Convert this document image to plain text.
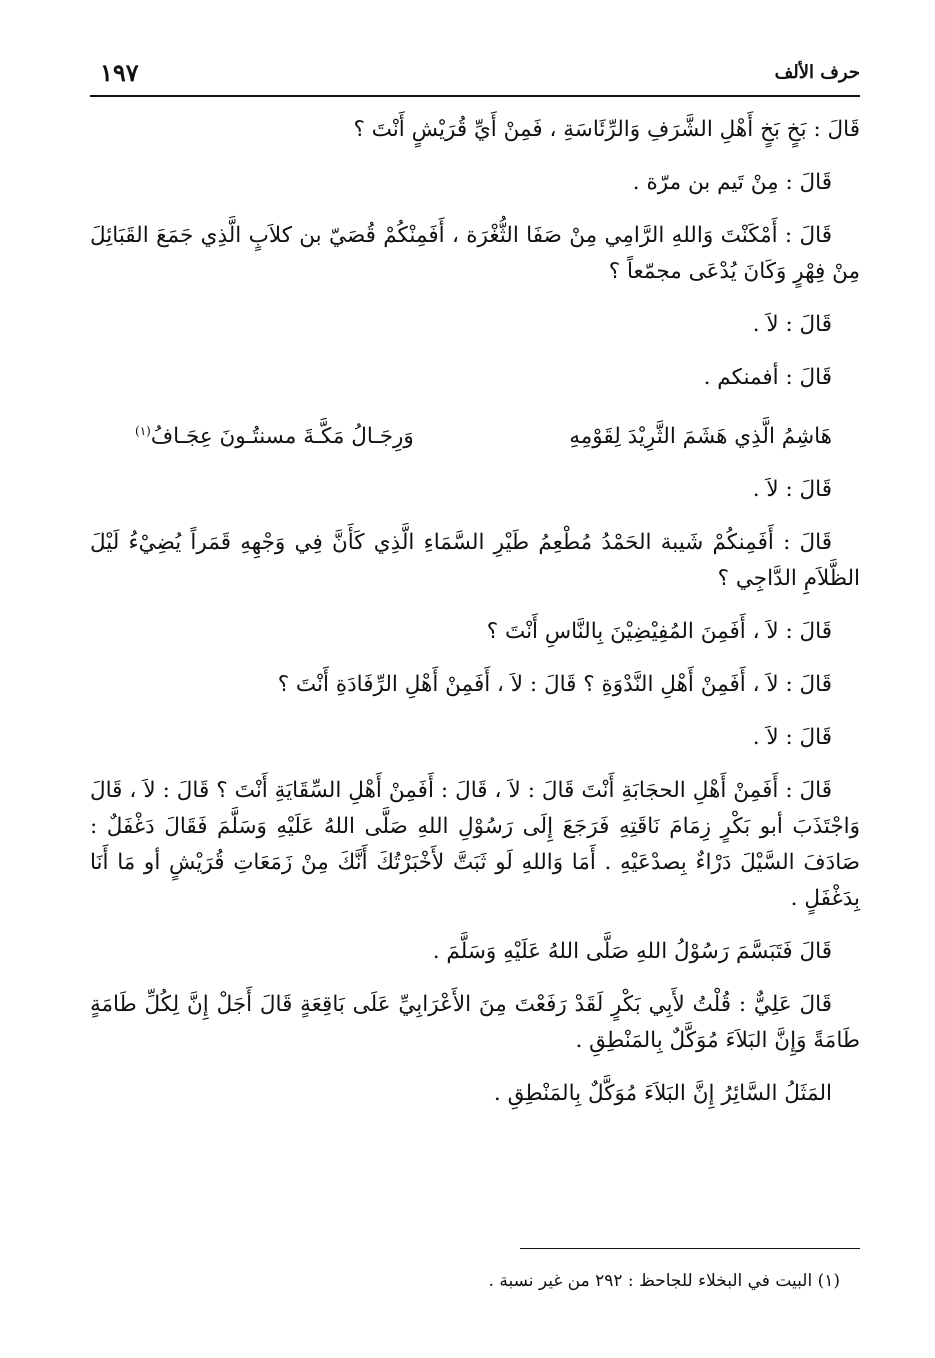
حرف الألف
١٩٧

قَالَ : بَخٍ بَخٍ أَهْلِ الشَّرَفِ وَالرِّئَاسَةِ ، فَمِنْ أَيِّ قُرَيْشٍ أَنْتَ ؟

قَالَ : مِنْ تَيم بن مرّة .

قَالَ : أَمْكَنْتَ وَاللهِ الرَّامِي مِنْ صَفَا الثُّغْرَة ، أَفَمِنْكُمْ قُصَيّ بن كلاَبٍ الَّذِي جَمَعَ القَبَائِلَ مِنْ فِهْرٍ وَكَانَ يُدْعَى مجمّعاً ؟

قَالَ : لاَ .

قَالَ : أفمنكم .

هَاشِمُ الَّذِي هَشَمَ الثَّرِيْدَ لِقَوْمِهِ
وَرِجَـالُ مَكَّـةَ مسنتُـونَ عِجَـافُ$^{(١)}$

قَالَ : لاَ .

قَالَ : أَفَمِنكُمْ شَيبة الحَمْدُ مُطْعِمُ طَيْرِ السَّمَاءِ الَّذِي كَأَنَّ فِي وَجْهِهِ قَمَراً يُضِيْءُ لَيْلَ الظَّلاَمِ الدَّاجِي ؟

قَالَ : لاَ ، أَفَمِنَ المُفِيْضِيْنَ بِالنَّاسِ أَنْتَ ؟

قَالَ : لاَ ، أَفَمِنْ أَهْلِ النَّدْوَةِ ؟ قَالَ : لاَ ، أَفَمِنْ أَهْلِ الرِّفَادَةِ أَنْتَ ؟

قَالَ : لاَ .

قَالَ : أَفَمِنْ أَهْلِ الحجَابَةِ أَنْتَ قَالَ : لاَ ، قَالَ : أَفَمِنْ أَهْلِ السِّقَايَةِ أَنْتَ ؟ قَالَ : لاَ ، قَالَ وَاجْتَذَبَ أبو بَكْرٍ زِمَامَ نَاقَتِهِ فَرَجَعَ إِلَى رَسُوْلِ اللهِ صَلَّى اللهُ عَلَيْهِ وَسَلَّمَ فَقَالَ دَغْفَلٌ : صَادَفَ السَّيْلَ دَرْاءٌ بِصدْعَيْهِ . أَمَا وَاللهِ لَو ثَبَتَّ لأَخْبَرْتُكَ أَنَّكَ مِنْ زَمَعَاتِ قُرَيْشٍ أو مَا أَنَا بِدَغْفَلٍ .

قَالَ فَتَبَسَّمَ رَسُوْلُ اللهِ صَلَّى اللهُ عَلَيْهِ وَسَلَّمَ .

قَالَ عَلِيٌّ : قُلْتُ لأَبِي بَكْرٍ لَقَدْ رَفَعْتَ مِنَ الأَعْرَابِيِّ عَلَى بَاقِعَةٍ قَالَ أَجَلْ إِنَّ لِكُلِّ طَامَةٍ طَامَةً وَإِنَّ البَلاَءَ مُوَكَّلٌ بِالمَنْطِقِ .

المَثَلُ السَّائِرُ إِنَّ البَلاَءَ مُوَكَّلٌ بِالمَنْطِقِ .

(١) البيت في البخلاء للجاحظ : ٢٩٢ من غير نسبة .
